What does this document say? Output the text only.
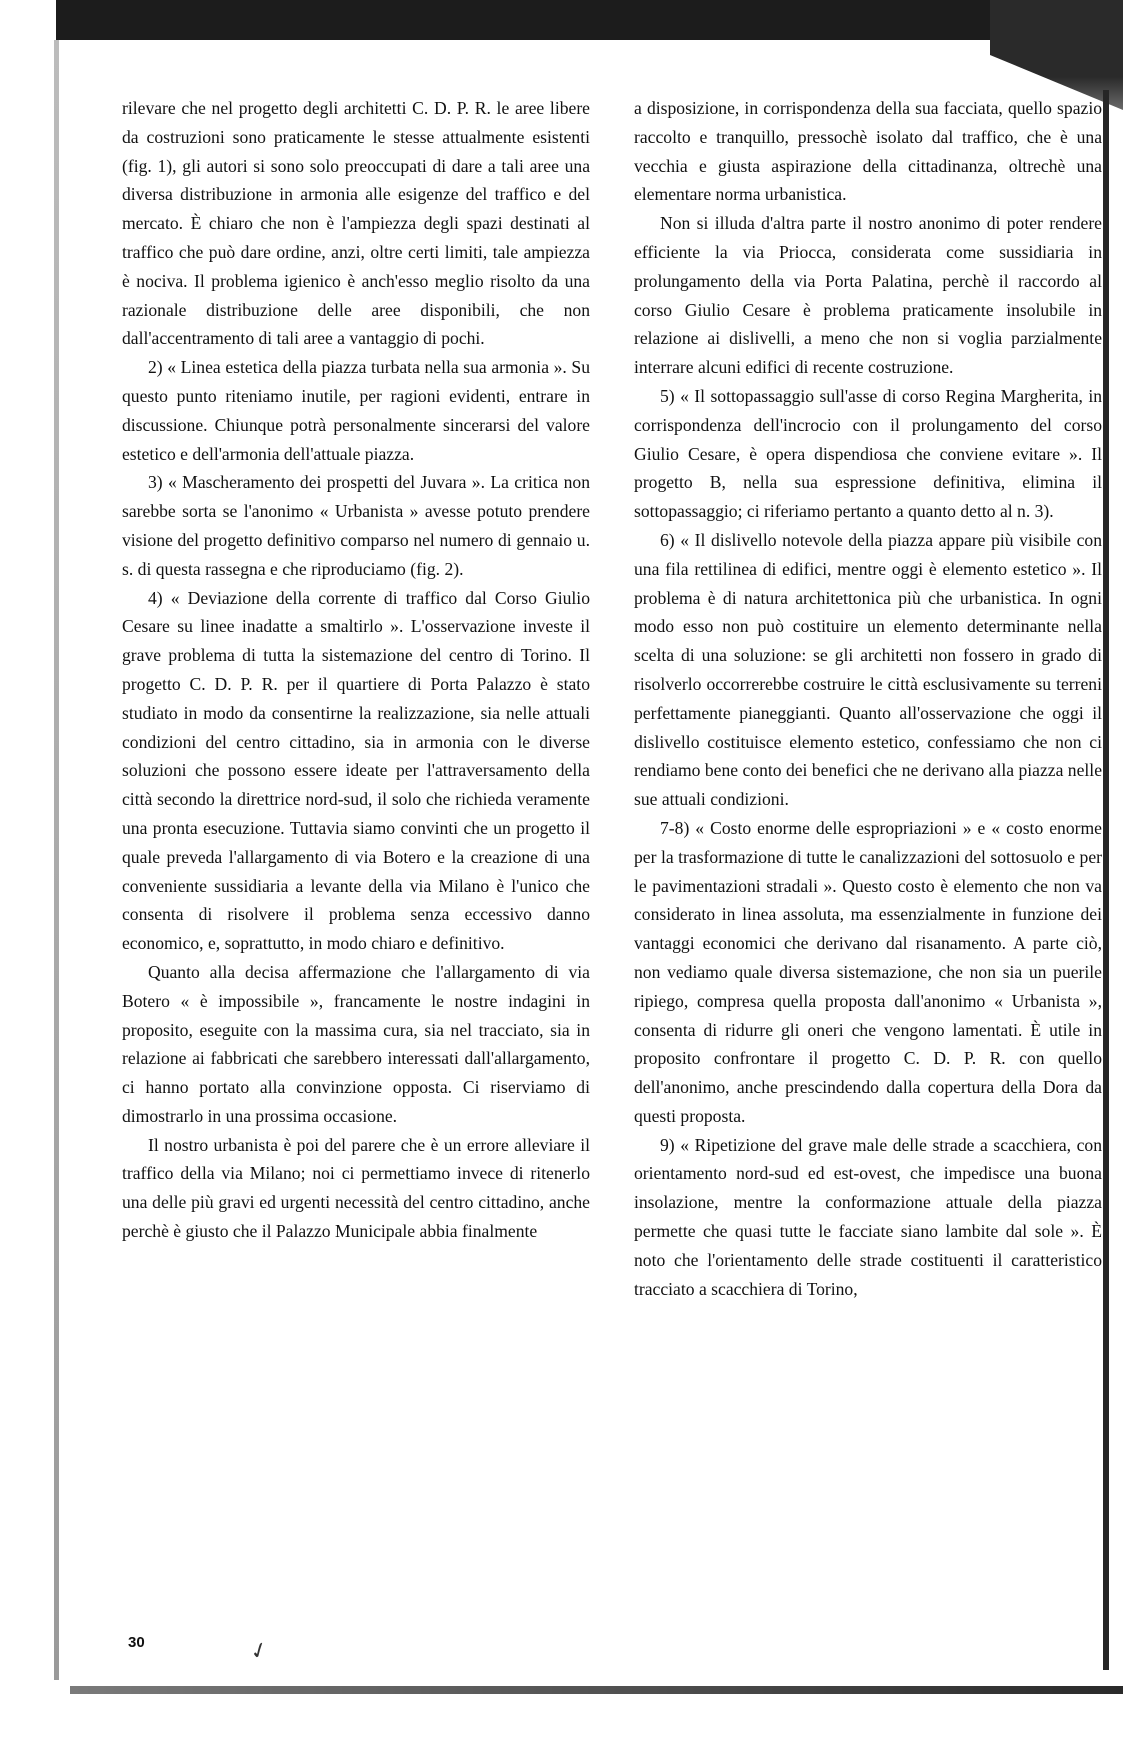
rilevare che nel progetto degli architetti C. D. P. R. le aree libere da costruzioni sono praticamente le stesse attualmente esistenti (fig. 1), gli autori si sono solo preoccupati di dare a tali aree una diversa distribuzione in armonia alle esigenze del traffico e del mercato. È chiaro che non è l'ampiezza degli spazi destinati al traffico che può dare ordine, anzi, oltre certi limiti, tale ampiezza è nociva. Il problema igienico è anch'esso meglio risolto da una razionale distribuzione delle aree disponibili, che non dall'accentramento di tali aree a vantaggio di pochi.

2) « Linea estetica della piazza turbata nella sua armonia ». Su questo punto riteniamo inutile, per ragioni evidenti, entrare in discussione. Chiunque potrà personalmente sincerarsi del valore estetico e dell'armonia dell'attuale piazza.

3) « Mascheramento dei prospetti del Juvara ». La critica non sarebbe sorta se l'anonimo « Urbanista » avesse potuto prendere visione del progetto definitivo comparso nel numero di gennaio u. s. di questa rassegna e che riproduciamo (fig. 2).

4) « Deviazione della corrente di traffico dal Corso Giulio Cesare su linee inadatte a smaltirlo ». L'osservazione investe il grave problema di tutta la sistemazione del centro di Torino. Il progetto C. D. P. R. per il quartiere di Porta Palazzo è stato studiato in modo da consentirne la realizzazione, sia nelle attuali condizioni del centro cittadino, sia in armonia con le diverse soluzioni che possono essere ideate per l'attraversamento della città secondo la direttrice nord-sud, il solo che richieda veramente una pronta esecuzione. Tuttavia siamo convinti che un progetto il quale preveda l'allargamento di via Botero e la creazione di una conveniente sussidiaria a levante della via Milano è l'unico che consenta di risolvere il problema senza eccessivo danno economico, e, soprattutto, in modo chiaro e definitivo.

Quanto alla decisa affermazione che l'allargamento di via Botero « è impossibile », francamente le nostre indagini in proposito, eseguite con la massima cura, sia nel tracciato, sia in relazione ai fabbricati che sarebbero interessati dall'allargamento, ci hanno portato alla convinzione opposta. Ci riserviamo di dimostrarlo in una prossima occasione.

Il nostro urbanista è poi del parere che è un errore alleviare il traffico della via Milano; noi ci permettiamo invece di ritenerlo una delle più gravi ed urgenti necessità del centro cittadino, anche perchè è giusto che il Palazzo Municipale abbia finalmente

a disposizione, in corrispondenza della sua facciata, quello spazio raccolto e tranquillo, pressochè isolato dal traffico, che è una vecchia e giusta aspirazione della cittadinanza, oltrechè una elementare norma urbanistica.

Non si illuda d'altra parte il nostro anonimo di poter rendere efficiente la via Priocca, considerata come sussidiaria in prolungamento della via Porta Palatina, perchè il raccordo al corso Giulio Cesare è problema praticamente insolubile in relazione ai dislivelli, a meno che non si voglia parzialmente interrare alcuni edifici di recente costruzione.

5) « Il sottopassaggio sull'asse di corso Regina Margherita, in corrispondenza dell'incrocio con il prolungamento del corso Giulio Cesare, è opera dispendiosa che conviene evitare ». Il progetto B, nella sua espressione definitiva, elimina il sottopassaggio; ci riferiamo pertanto a quanto detto al n. 3).

6) « Il dislivello notevole della piazza appare più visibile con una fila rettilinea di edifici, mentre oggi è elemento estetico ». Il problema è di natura architettonica più che urbanistica. In ogni modo esso non può costituire un elemento determinante nella scelta di una soluzione: se gli architetti non fossero in grado di risolverlo occorrerebbe costruire le città esclusivamente su terreni perfettamente pianeggianti. Quanto all'osservazione che oggi il dislivello costituisce elemento estetico, confessiamo che non ci rendiamo bene conto dei benefici che ne derivano alla piazza nelle sue attuali condizioni.

7-8) « Costo enorme delle espropriazioni » e « costo enorme per la trasformazione di tutte le canalizzazioni del sottosuolo e per le pavimentazioni stradali ». Questo costo è elemento che non va considerato in linea assoluta, ma essenzialmente in funzione dei vantaggi economici che derivano dal risanamento. A parte ciò, non vediamo quale diversa sistemazione, che non sia un puerile ripiego, compresa quella proposta dall'anonimo « Urbanista », consenta di ridurre gli oneri che vengono lamentati. È utile in proposito confrontare il progetto C. D. P. R. con quello dell'anonimo, anche prescindendo dalla copertura della Dora da questi proposta.

9) « Ripetizione del grave male delle strade a scacchiera, con orientamento nord-sud ed est-ovest, che impedisce una buona insolazione, mentre la conformazione attuale della piazza permette che quasi tutte le facciate siano lambite dal sole ». È noto che l'orientamento delle strade costituenti il caratteristico tracciato a scacchiera di Torino,

30	✓
